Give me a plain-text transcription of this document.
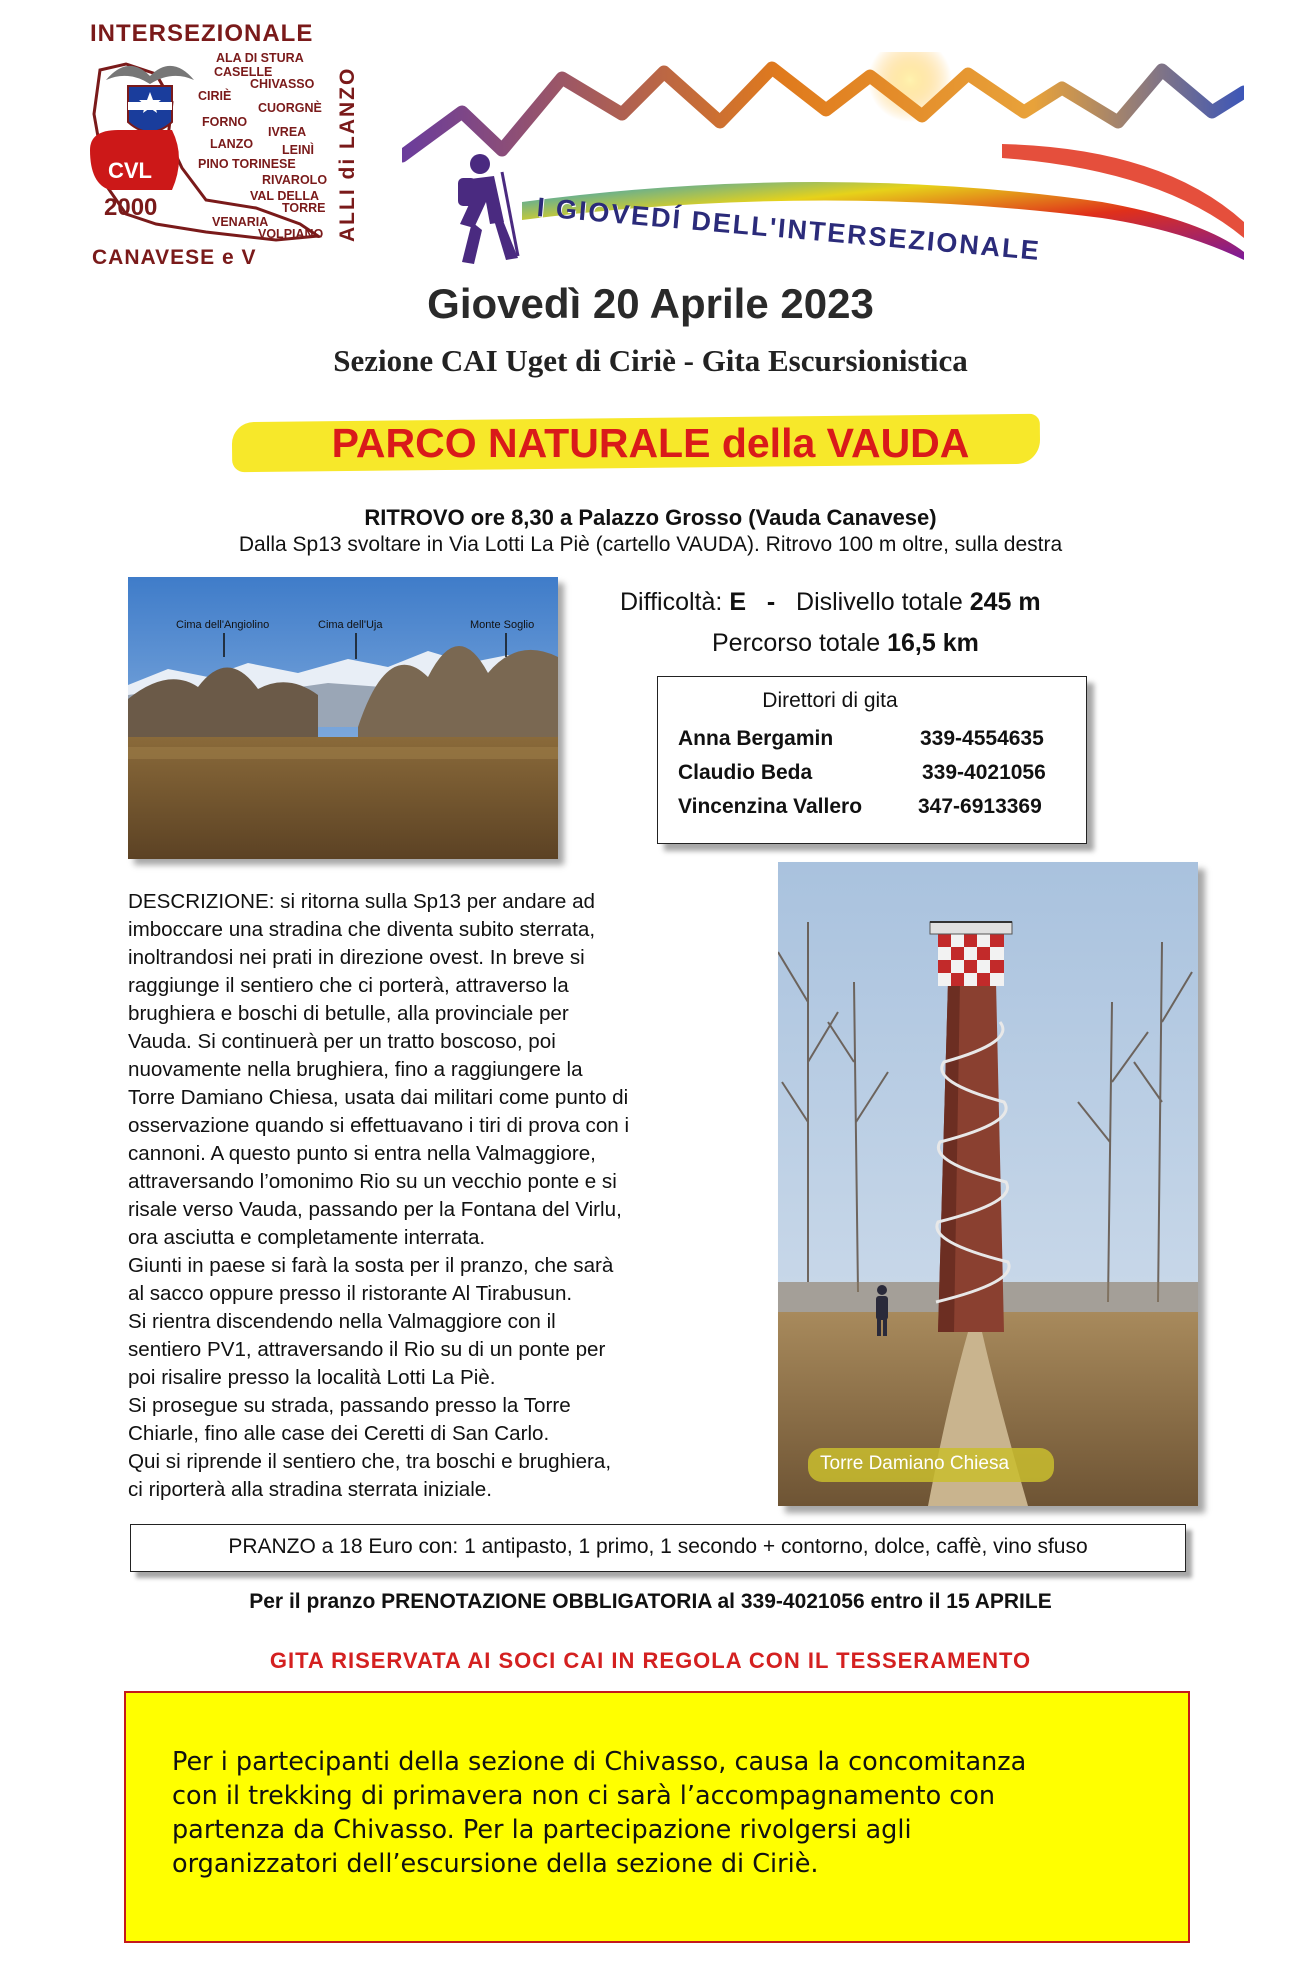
INTERSEZIONALE
ALA DI STURA
CASELLE
CHIVASSO
CIRIÈ
CUORGNÈ
FORNO
IVREA
LANZO LEINÌ
PINO TORINESE
RIVAROLO
VAL DELLA
TORRE
VENARIA
VOLPIANO
CVL
2000
CANAVESE e V
ALLI di LANZO	I GIOVEDÍ DELL'INTERSEZIONALE
Giovedì 20 Aprile 2023
Sezione CAI Uget di Ciriè - Gita Escursionistica
PARCO NATURALE della VAUDA
RITROVO ore 8,30 a Palazzo Grosso (Vauda Canavese)
Dalla Sp13 svoltare in Via Lotti La Piè (cartello VAUDA). Ritrovo 100 m oltre, sulla destra
Cima dell'Angiolino	Cima dell'Uja	Monte Soglio
Difficoltà: E - Dislivello totale 245 m
Percorso totale 16,5 km
Direttori di gita
Anna Bergamin	339-4554635
Claudio Beda	339-4021056
Vincenzina Vallero	347-6913369
DESCRIZIONE: si ritorna sulla Sp13 per andare ad
imboccare una stradina che diventa subito sterrata,
inoltrandosi nei prati in direzione ovest. In breve si
raggiunge il sentiero che ci porterà, attraverso la
brughiera e boschi di betulle, alla provinciale per
Vauda. Si continuerà per un tratto boscoso, poi
nuovamente nella brughiera, fino a raggiungere la
Torre Damiano Chiesa, usata dai militari come punto di
osservazione quando si effettuavano i tiri di prova con i
cannoni. A questo punto si entra nella Valmaggiore,
attraversando l’omonimo Rio su un vecchio ponte e si
risale verso Vauda, passando per la Fontana del Virlu,
ora asciutta e completamente interrata.
Giunti in paese si farà la sosta per il pranzo, che sarà
al sacco oppure presso il ristorante Al Tirabusun.
Si rientra discendendo nella Valmaggiore con il
sentiero PV1, attraversando il Rio su di un ponte per
poi risalire presso la località Lotti La Piè.
Si prosegue su strada, passando presso la Torre
Chiarle, fino alle case dei Ceretti di San Carlo.
Qui si riprende il sentiero che, tra boschi e brughiera,
ci riporterà alla stradina sterrata iniziale.
Torre Damiano Chiesa
PRANZO a 18 Euro con: 1 antipasto, 1 primo, 1 secondo + contorno, dolce, caffè, vino sfuso
Per il pranzo PRENOTAZIONE OBBLIGATORIA al 339-4021056 entro il 15 APRILE
GITA RISERVATA AI SOCI CAI IN REGOLA CON IL TESSERAMENTO
Per i partecipanti della sezione di Chivasso, causa la concomitanza
con il trekking di primavera non ci sarà l’accompagnamento con
partenza da Chivasso. Per la partecipazione rivolgersi agli
organizzatori dell’escursione della sezione di Ciriè.
